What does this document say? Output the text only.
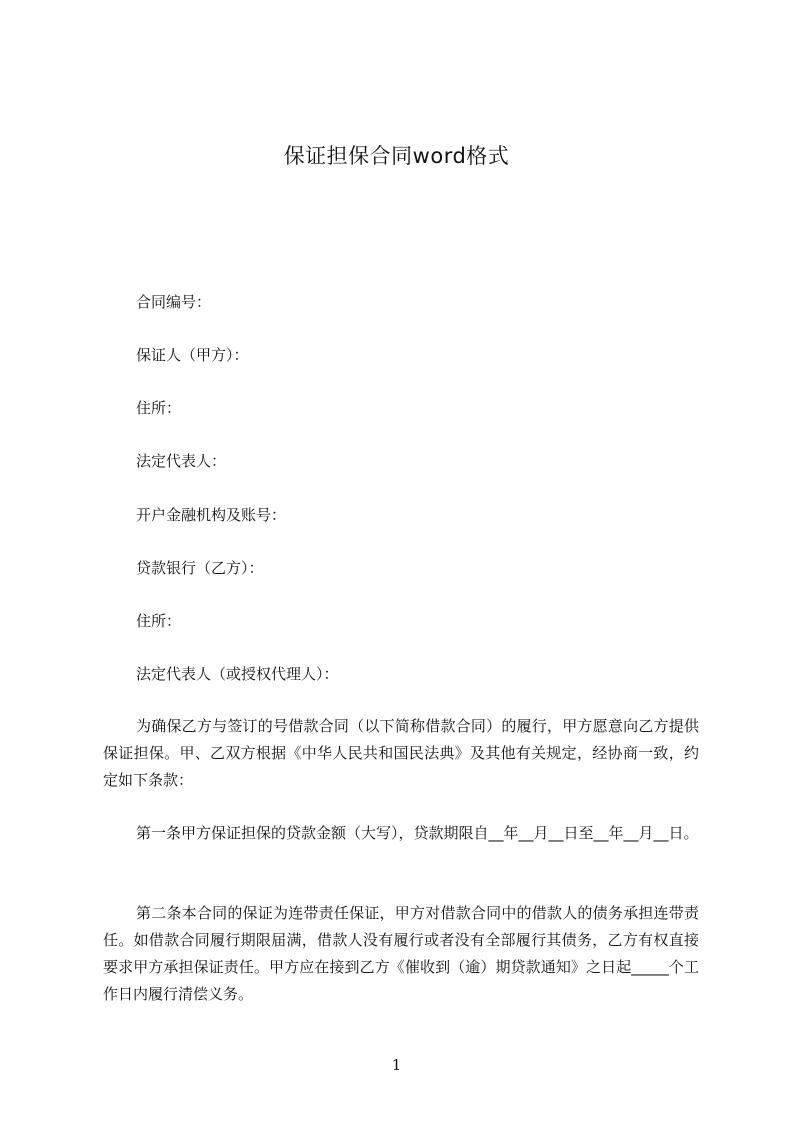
保证担保合同word格式
合同编号：
保证人（甲方）：
住所：
法定代表人：
开户金融机构及账号：
贷款银行（乙方）：
住所：
法定代表人（或授权代理人）：
为确保乙方与签订的号借款合同（以下简称借款合同）的履行，甲方愿意向乙方提供保证担保。甲、乙双方根据《中华人民共和国民法典》及其他有关规定，经协商一致，约定如下条款：
第一条甲方保证担保的贷款金额（大写），贷款期限自__年__月__日至__年__月__日。
第二条本合同的保证为连带责任保证，甲方对借款合同中的借款人的债务承担连带责任。如借款合同履行期限届满，借款人没有履行或者没有全部履行其债务，乙方有权直接要求甲方承担保证责任。甲方应在接到乙方《催收到（逾）期贷款通知》之日起_____个工作日内履行清偿义务。
1
